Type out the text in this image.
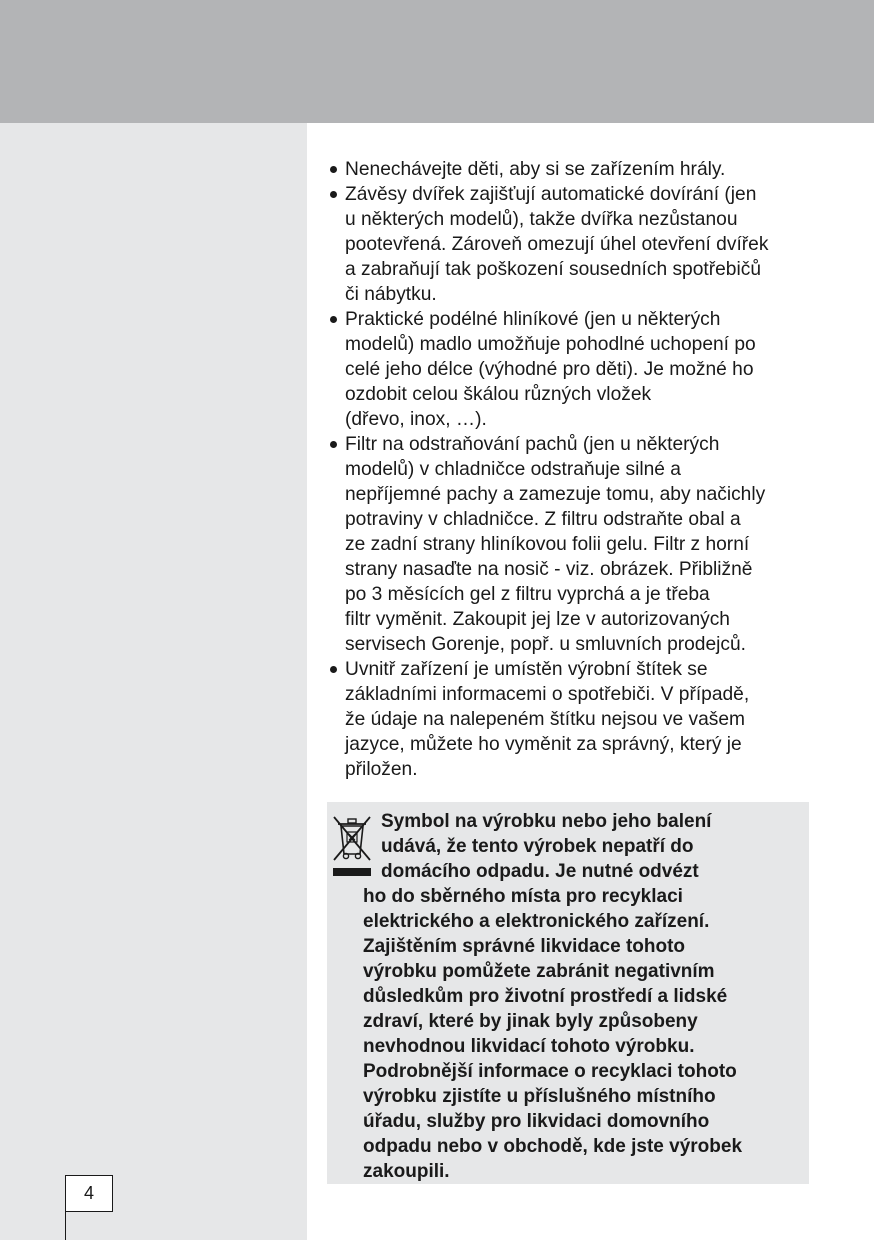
Nenechávejte děti, aby si se zařízením hrály.
Závěsy dvířek zajišťují automatické dovírání (jen
u některých modelů), takže dvířka nezůstanou
pootevřená. Zároveň omezují úhel otevření dvířek
a zabraňují tak poškození sousedních spotřebičů
či nábytku.
Praktické podélné hliníkové (jen u některých
modelů) madlo umožňuje pohodlné uchopení po
celé jeho délce (výhodné pro děti). Je možné ho
ozdobit celou škálou různých vložek
(dřevo, inox, …).
Filtr na odstraňování pachů (jen u některých
modelů) v chladničce odstraňuje silné a
nepříjemné pachy a zamezuje tomu, aby načichly
potraviny v chladničce. Z filtru odstraňte obal a
ze zadní strany hliníkovou folii gelu. Filtr z horní
strany nasaďte na nosič - viz. obrázek. Přibližně
po 3 měsících gel z filtru vyprchá a je třeba
filtr vyměnit. Zakoupit jej lze v autorizovaných
servisech Gorenje, popř. u smluvních prodejců.
Uvnitř zařízení je umístěn výrobní štítek se
základními informacemi o spotřebiči. V případě,
že údaje na nalepeném štítku nejsou ve vašem
jazyce, můžete ho vyměnit za správný, který je
přiložen.
Symbol na výrobku nebo jeho balení
udává, že tento výrobek nepatří do
domácího odpadu. Je nutné odvézt
ho do sběrného místa pro recyklaci
elektrického a elektronického zařízení.
Zajištěním správné likvidace tohoto
výrobku pomůžete zabránit negativním
důsledkům pro životní prostředí a lidské
zdraví, které by jinak byly způsobeny
nevhodnou likvidací tohoto výrobku.
Podrobnější informace o recyklaci tohoto
výrobku zjistíte u příslušného místního
úřadu, služby pro likvidaci domovního
odpadu nebo v obchodě, kde jste výrobek
zakoupili.
4
